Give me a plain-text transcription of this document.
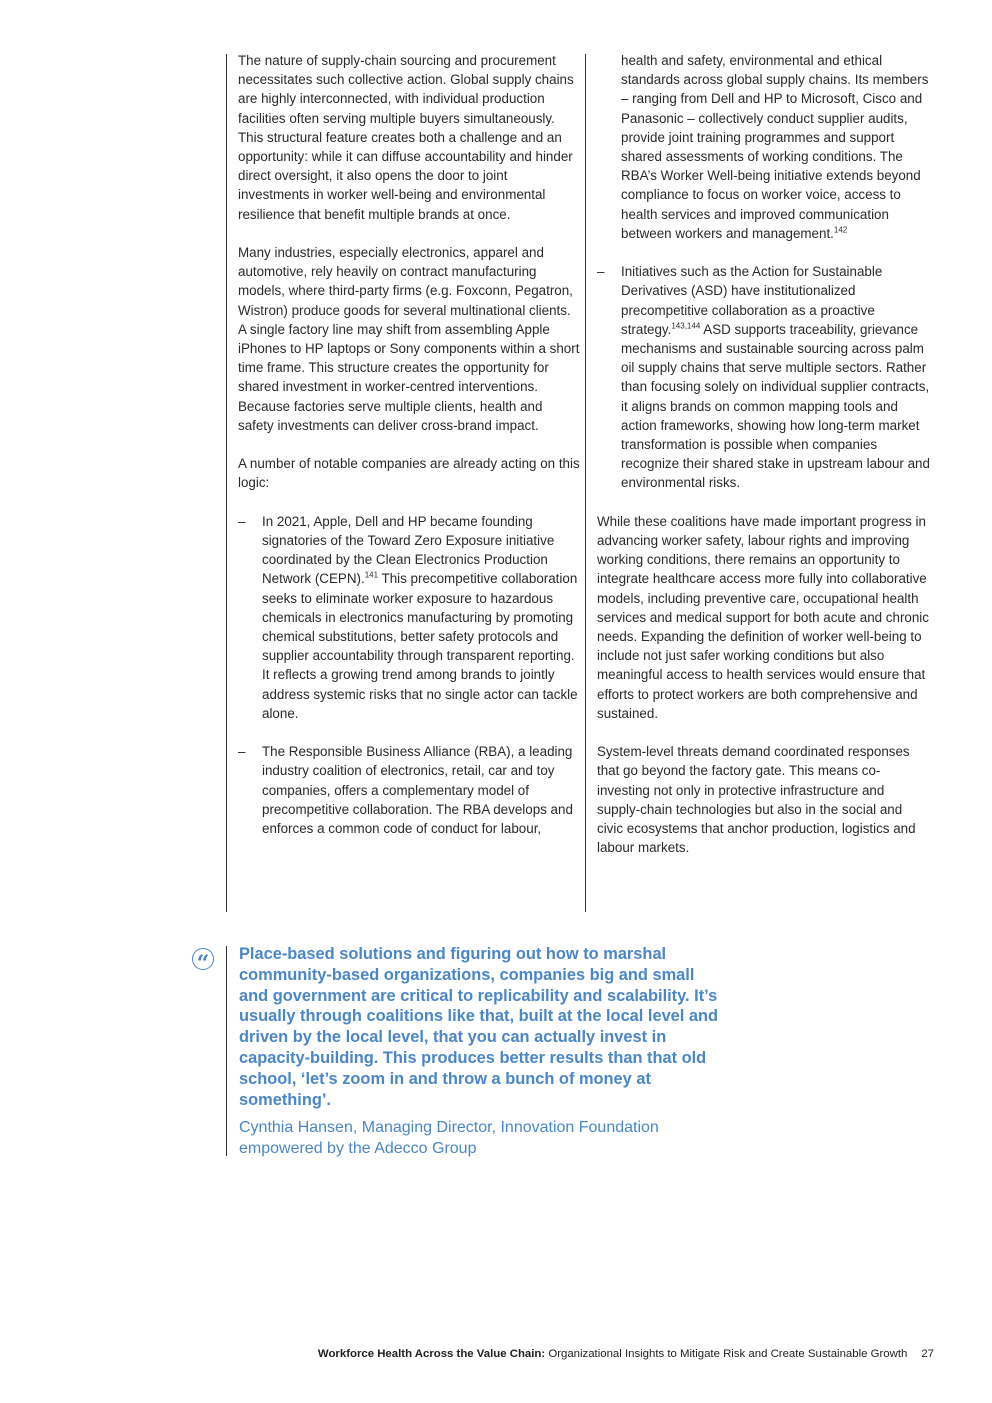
The nature of supply-chain sourcing and procurement necessitates such collective action. Global supply chains are highly interconnected, with individual production facilities often serving multiple buyers simultaneously. This structural feature creates both a challenge and an opportunity: while it can diffuse accountability and hinder direct oversight, it also opens the door to joint investments in worker well-being and environmental resilience that benefit multiple brands at once.

Many industries, especially electronics, apparel and automotive, rely heavily on contract manufacturing models, where third-party firms (e.g. Foxconn, Pegatron, Wistron) produce goods for several multinational clients. A single factory line may shift from assembling Apple iPhones to HP laptops or Sony components within a short time frame. This structure creates the opportunity for shared investment in worker-centred interventions. Because factories serve multiple clients, health and safety investments can deliver cross-brand impact.

A number of notable companies are already acting on this logic:

– In 2021, Apple, Dell and HP became founding signatories of the Toward Zero Exposure initiative coordinated by the Clean Electronics Production Network (CEPN).$^{141}$ This precompetitive collaboration seeks to eliminate worker exposure to hazardous chemicals in electronics manufacturing by promoting chemical substitutions, better safety protocols and supplier accountability through transparent reporting. It reflects a growing trend among brands to jointly address systemic risks that no single actor can tackle alone.
– The Responsible Business Alliance (RBA), a leading industry coalition of electronics, retail, car and toy companies, offers a complementary model of precompetitive collaboration. The RBA develops and enforces a common code of conduct for labour,
health and safety, environmental and ethical standards across global supply chains. Its members – ranging from Dell and HP to Microsoft, Cisco and Panasonic – collectively conduct supplier audits, provide joint training programmes and support shared assessments of working conditions. The RBA’s Worker Well-being initiative extends beyond compliance to focus on worker voice, access to health services and improved communication between workers and management.$^{142}$
– Initiatives such as the Action for Sustainable Derivatives (ASD) have institutionalized precompetitive collaboration as a proactive strategy.$^{143,144}$ ASD supports traceability, grievance mechanisms and sustainable sourcing across palm oil supply chains that serve multiple sectors. Rather than focusing solely on individual supplier contracts, it aligns brands on common mapping tools and action frameworks, showing how long-term market transformation is possible when companies recognize their shared stake in upstream labour and environmental risks.

While these coalitions have made important progress in advancing worker safety, labour rights and improving working conditions, there remains an opportunity to integrate healthcare access more fully into collaborative models, including preventive care, occupational health services and medical support for both acute and chronic needs. Expanding the definition of worker well-being to include not just safer working conditions but also meaningful access to health services would ensure that efforts to protect workers are both comprehensive and sustained.

System-level threats demand coordinated responses that go beyond the factory gate. This means co-investing not only in protective infrastructure and supply-chain technologies but also in the social and civic ecosystems that anchor production, logistics and labour markets.

“ Place-based solutions and figuring out how to marshal community-based organizations, companies big and small and government are critical to replicability and scalability. It’s usually through coalitions like that, built at the local level and driven by the local level, that you can actually invest in capacity-building. This produces better results than that old school, ‘let’s zoom in and throw a bunch of money at something’.
Cynthia Hansen, Managing Director, Innovation Foundation empowered by the Adecco Group
Workforce Health Across the Value Chain: Organizational Insights to Mitigate Risk and Create Sustainable Growth 27
